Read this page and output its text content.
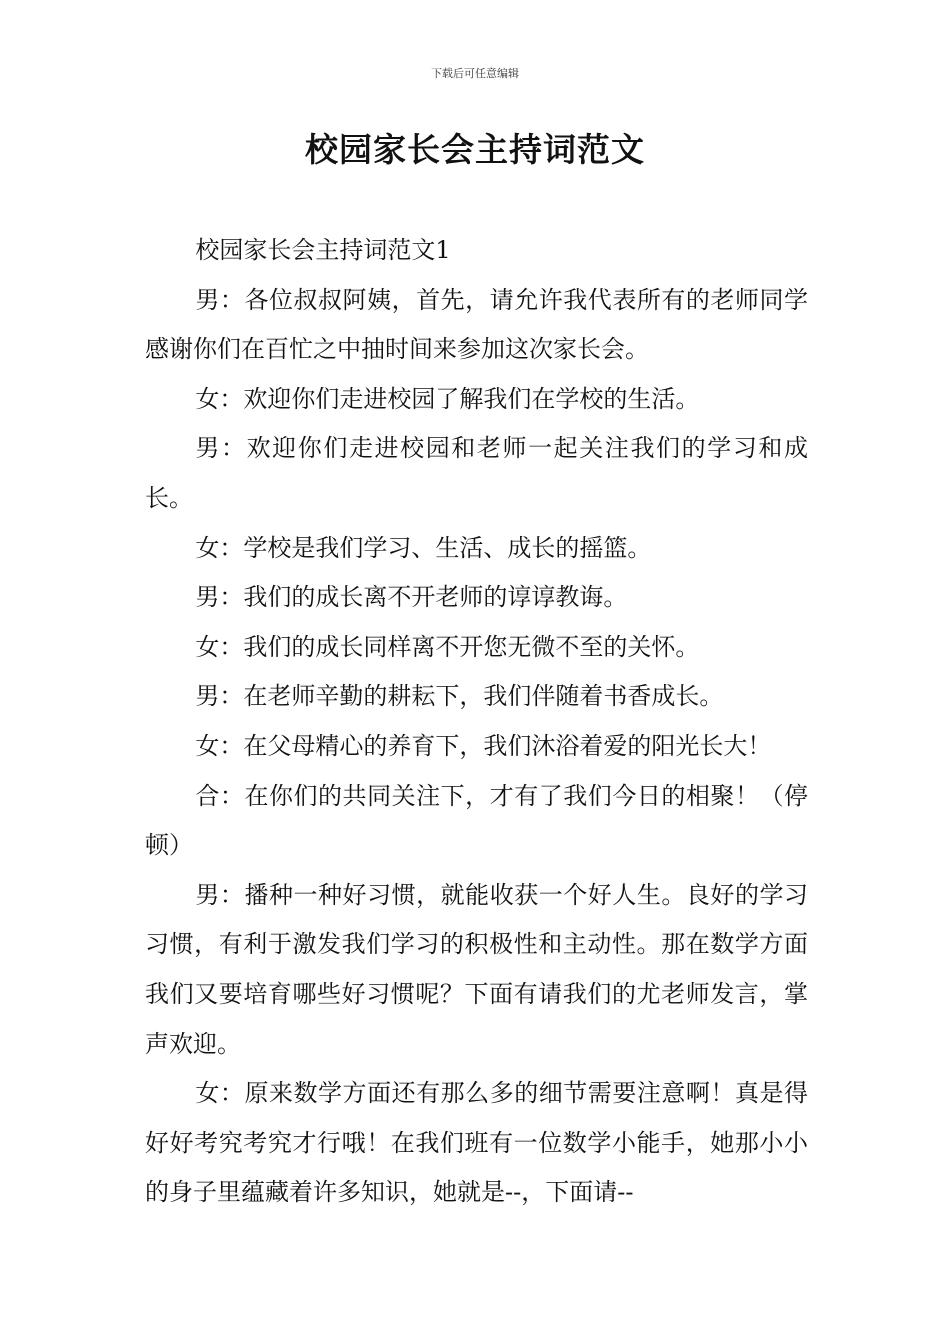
下载后可任意编辑
校园家长会主持词范文

校园家长会主持词范文1

男：各位叔叔阿姨，首先，请允许我代表所有的老师同学感谢你们在百忙之中抽时间来参加这次家长会。

女：欢迎你们走进校园了解我们在学校的生活。

男：欢迎你们走进校园和老师一起关注我们的学习和成长。

女：学校是我们学习、生活、成长的摇篮。

男：我们的成长离不开老师的谆谆教诲。

女：我们的成长同样离不开您无微不至的关怀。

男：在老师辛勤的耕耘下，我们伴随着书香成长。

女：在父母精心的养育下，我们沐浴着爱的阳光长大！

合：在你们的共同关注下，才有了我们今日的相聚！（停顿）

男：播种一种好习惯，就能收获一个好人生。良好的学习习惯，有利于激发我们学习的积极性和主动性。那在数学方面我们又要培育哪些好习惯呢？下面有请我们的尤老师发言，掌声欢迎。

女：原来数学方面还有那么多的细节需要注意啊！真是得好好考究考究才行哦！在我们班有一位数学小能手，她那小小的身子里蕴藏着许多知识，她就是--，下面请--
